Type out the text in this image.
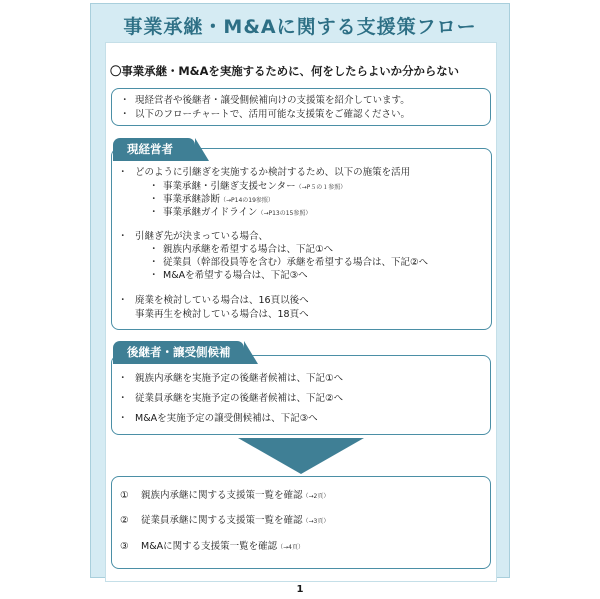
事業承継・M&Aに関する支援策フロー
〇事業承継・M&Aを実施するために、何をしたらよいか分からない
・ 現経営者や後継者・譲受側候補向けの支援策を紹介しています。
・ 以下のフローチャートで、活用可能な支援策をご確認ください。
現経営者
・ どのように引継ぎを実施するか検討するため、以下の施策を活用
・ 事業承継・引継ぎ支援センター（→P５の１参照）
・ 事業承継診断（→P14の19参照）
・ 事業承継ガイドライン（→P13の15参照）
・ 引継ぎ先が決まっている場合、
・ 親族内承継を希望する場合は、下記①へ
・ 従業員（幹部役員等を含む）承継を希望する場合は、下記②へ
・ M&Aを希望する場合は、下記③へ
・ 廃業を検討している場合は、16頁以後へ
事業再生を検討している場合は、18頁へ
後継者・譲受側候補
・ 親族内承継を実施予定の後継者候補は、下記①へ
・ 従業員承継を実施予定の後継者候補は、下記②へ
・ M&Aを実施予定の譲受側候補は、下記③へ
① 親族内承継に関する支援策一覧を確認（→2頁）
② 従業員承継に関する支援策一覧を確認（→3頁）
③ M&Aに関する支援策一覧を確認（→4頁）
1
